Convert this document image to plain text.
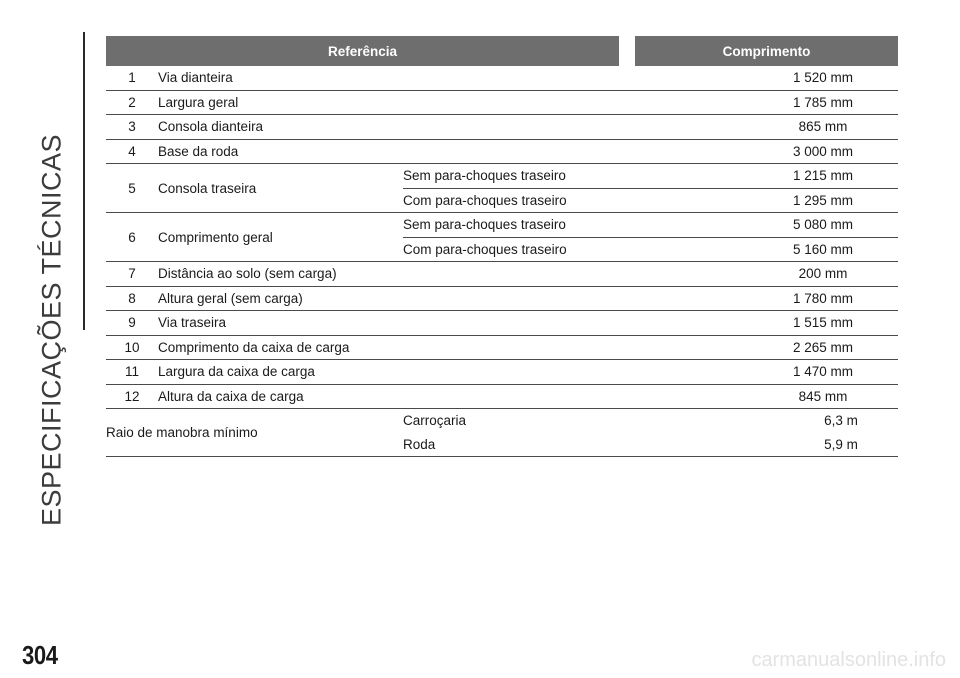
ESPECIFICAÇÕES TÉCNICAS
Referência	Comprimento
1	Via dianteira	1 520 mm
2	Largura geral	1 785 mm
3	Consola dianteira	865 mm
4	Base da roda	3 000 mm
5	Consola traseira
Sem para-choques traseiro	1 215 mm
Com para-choques traseiro	1 295 mm
6	Comprimento geral
Sem para-choques traseiro	5 080 mm
Com para-choques traseiro	5 160 mm
7	Distância ao solo (sem carga)	200 mm
8	Altura geral (sem carga)	1 780 mm
9	Via traseira	1 515 mm
10	Comprimento da caixa de carga	2 265 mm
11	Largura da caixa de carga	1 470 mm
12	Altura da caixa de carga	845 mm
Raio de manobra mínimo
Carroçaria	6,3 m
Roda	5,9 m
304	carmanualsonline.info
